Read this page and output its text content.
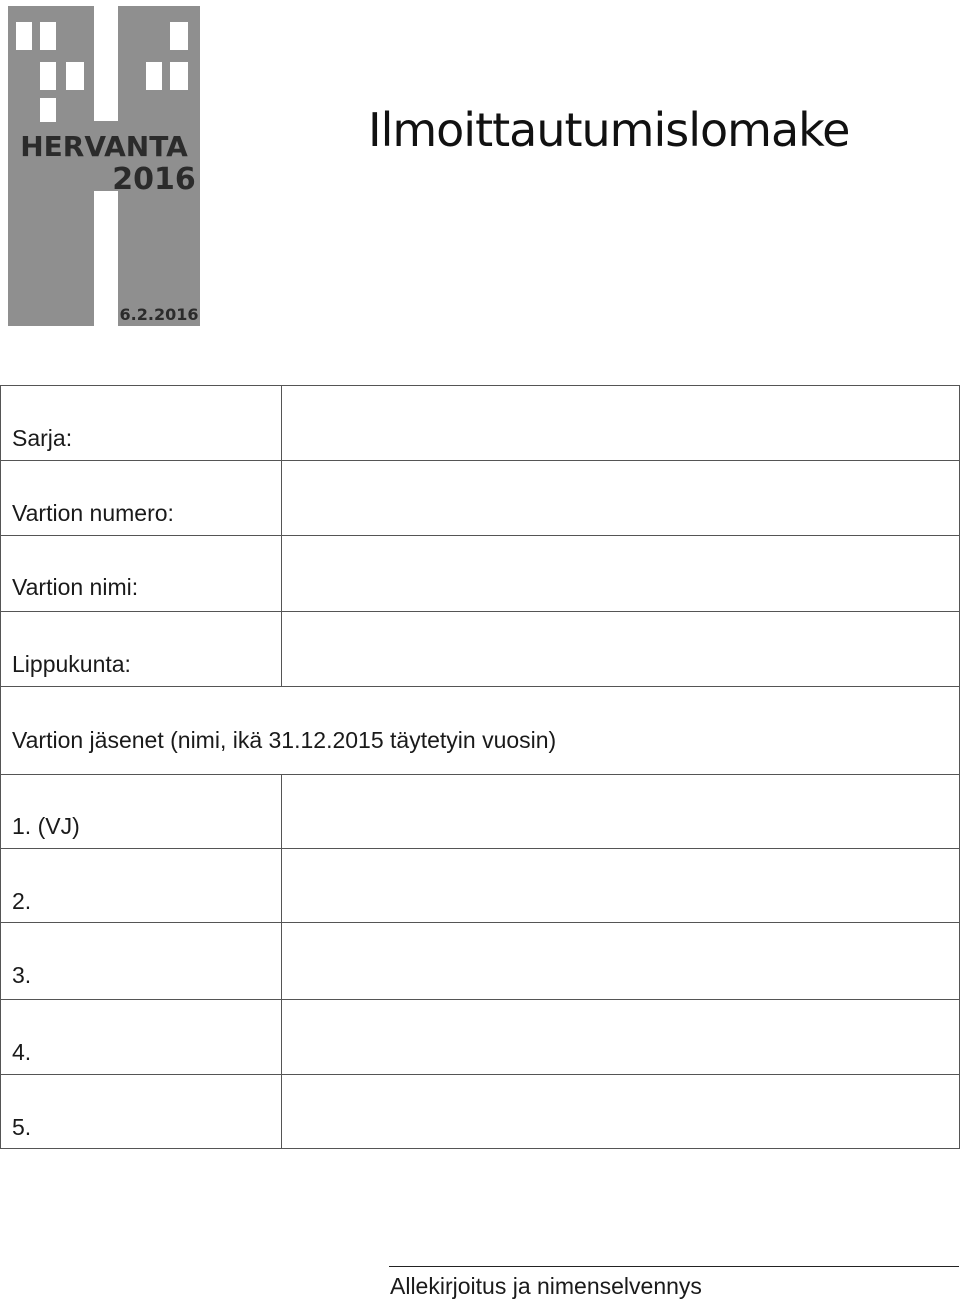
HERVANTA
2016
6.2.2016
Ilmoittautumislomake
Sarja:
Vartion numero:
Vartion nimi:
Lippukunta:
Vartion jäsenet (nimi, ikä 31.12.2015 täytetyin vuosin)
1. (VJ)
2.
3.
4.
5.
Allekirjoitus ja nimenselvennys
